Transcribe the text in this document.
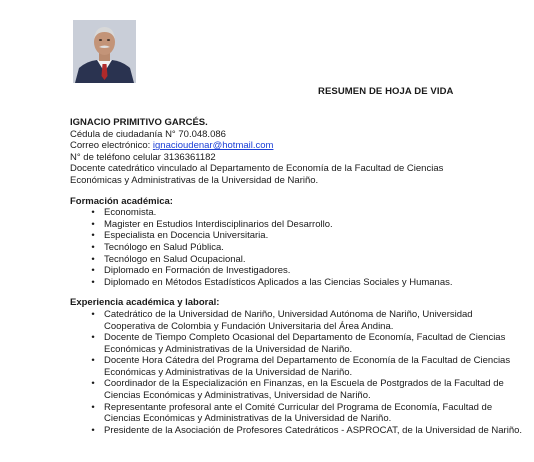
RESUMEN DE HOJA DE VIDA
IGNACIO PRIMITIVO GARCÉS.
Cédula de ciudadanía N° 70.048.086
Correo electrónico: ignacioudenar@hotmail.com
N° de teléfono celular 3136361182
Docente catedrático vinculado al Departamento de Economía de la Facultad de Ciencias Económicas y Administrativas de la Universidad de Nariño.
Formación académica:
• Economista.
• Magister en Estudios Interdisciplinarios del Desarrollo.
• Especialista en Docencia Universitaria.
• Tecnólogo en Salud Pública.
• Tecnólogo en Salud Ocupacional.
• Diplomado en Formación de Investigadores.
• Diplomado en Métodos Estadísticos Aplicados a las Ciencias Sociales y Humanas.
Experiencia académica y laboral:
• Catedrático de la Universidad de Nariño, Universidad Autónoma de Nariño, Universidad Cooperativa de Colombia y Fundación Universitaria del Área Andina.
• Docente de Tiempo Completo Ocasional del Departamento de Economía, Facultad de Ciencias Económicas y Administrativas de la Universidad de Nariño.
• Docente Hora Cátedra del Programa del Departamento de Economía de la Facultad de Ciencias Económicas y Administrativas de la Universidad de Nariño.
• Coordinador de la Especialización en Finanzas, en la Escuela de Postgrados de la Facultad de Ciencias Económicas y Administrativas, Universidad de Nariño.
• Representante profesoral ante el Comité Curricular del Programa de Economía, Facultad de Ciencias Económicas y Administrativas de la Universidad de Nariño.
• Presidente de la Asociación de Profesores Catedráticos - ASPROCAT, de la Universidad de Nariño.
